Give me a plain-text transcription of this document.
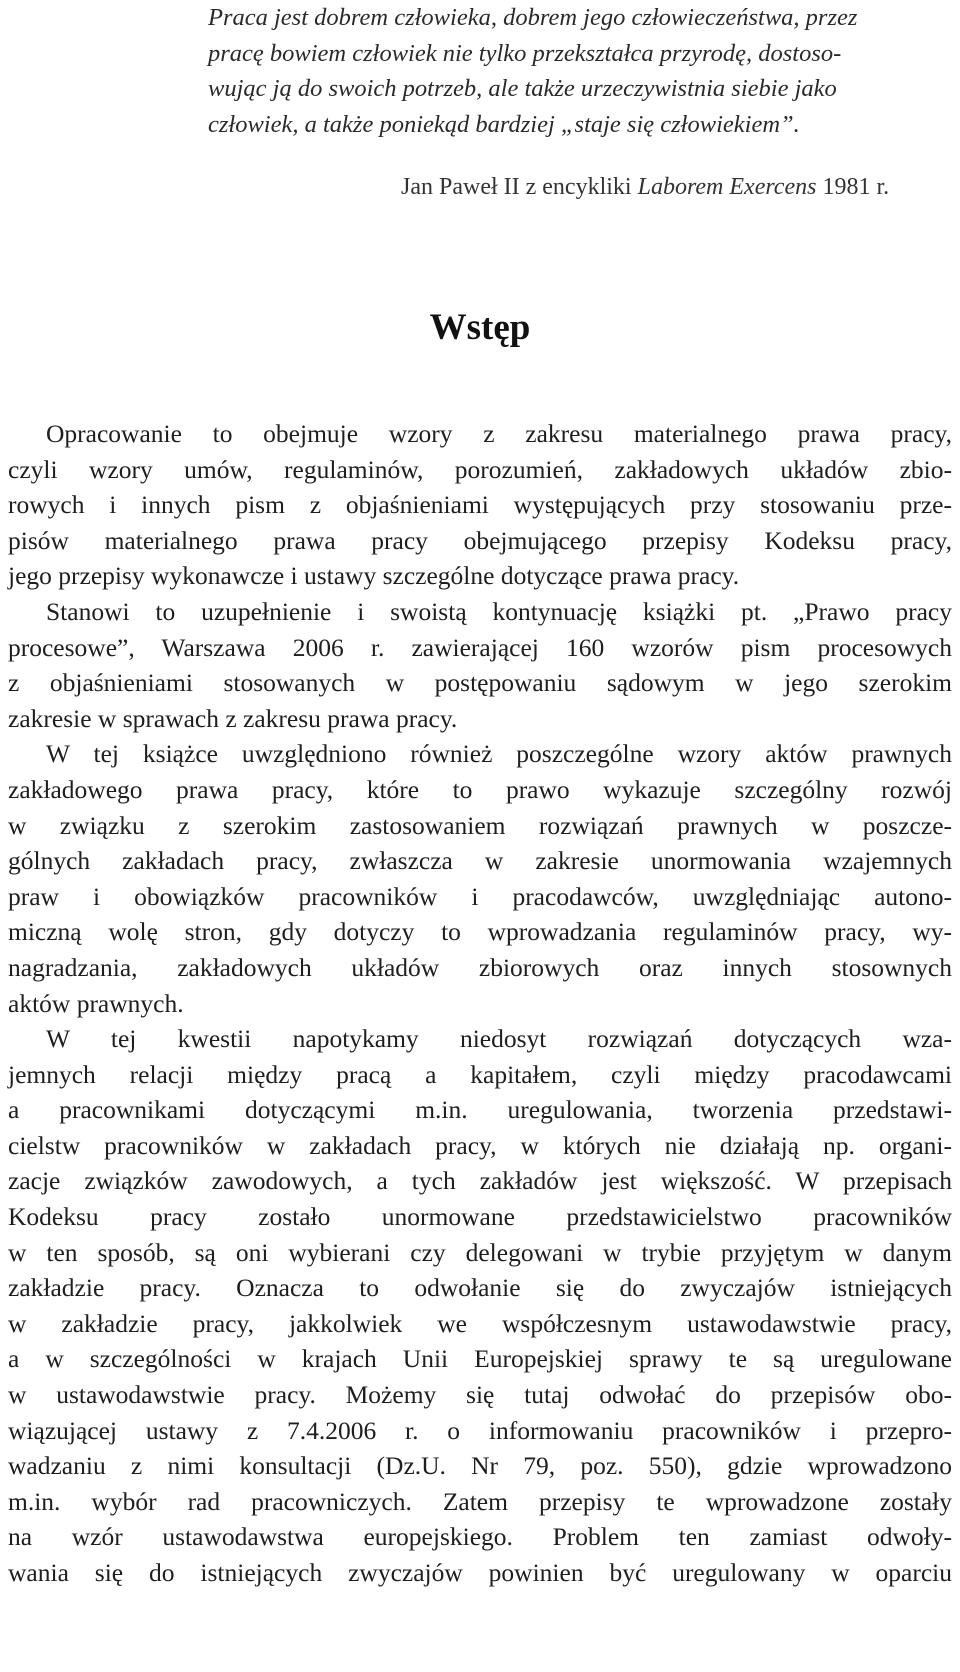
Praca jest dobrem człowieka, dobrem jego człowieczeństwa, przez
pracę bowiem człowiek nie tylko przekształca przyrodę, dostoso-
wując ją do swoich potrzeb, ale także urzeczywistnia siebie jako
człowiek, a także poniekąd bardziej „staje się człowiekiem”.
Jan Paweł II z encykliki Laborem Exercens 1981 r.
Wstęp
Opracowanie to obejmuje wzory z zakresu materialnego prawa pracy,
czyli wzory umów, regulaminów, porozumień, zakładowych układów zbio-
rowych i innych pism z objaśnieniami występujących przy stosowaniu prze-
pisów materialnego prawa pracy obejmującego przepisy Kodeksu pracy,
jego przepisy wykonawcze i ustawy szczególne dotyczące prawa pracy.
Stanowi to uzupełnienie i swoistą kontynuację książki pt. „Prawo pracy
procesowe”, Warszawa 2006 r. zawierającej 160 wzorów pism procesowych
z objaśnieniami stosowanych w postępowaniu sądowym w jego szerokim
zakresie w sprawach z zakresu prawa pracy.
W tej książce uwzględniono również poszczególne wzory aktów prawnych
zakładowego prawa pracy, które to prawo wykazuje szczególny rozwój
w związku z szerokim zastosowaniem rozwiązań prawnych w poszcze-
gólnych zakładach pracy, zwłaszcza w zakresie unormowania wzajemnych
praw i obowiązków pracowników i pracodawców, uwzględniając autono-
miczną wolę stron, gdy dotyczy to wprowadzania regulaminów pracy, wy-
nagradzania, zakładowych układów zbiorowych oraz innych stosownych
aktów prawnych.
W tej kwestii napotykamy niedosyt rozwiązań dotyczących wza-
jemnych relacji między pracą a kapitałem, czyli między pracodawcami
a pracownikami dotyczącymi m.in. uregulowania, tworzenia przedstawi-
cielstw pracowników w zakładach pracy, w których nie działają np. organi-
zacje związków zawodowych, a tych zakładów jest większość. W przepisach
Kodeksu pracy zostało unormowane przedstawicielstwo pracowników
w ten sposób, są oni wybierani czy delegowani w trybie przyjętym w danym
zakładzie pracy. Oznacza to odwołanie się do zwyczajów istniejących
w zakładzie pracy, jakkolwiek we współczesnym ustawodawstwie pracy,
a w szczególności w krajach Unii Europejskiej sprawy te są uregulowane
w ustawodawstwie pracy. Możemy się tutaj odwołać do przepisów obo-
wiązującej ustawy z 7.4.2006 r. o informowaniu pracowników i przepro-
wadzaniu z nimi konsultacji (Dz.U. Nr 79, poz. 550), gdzie wprowadzono
m.in. wybór rad pracowniczych. Zatem przepisy te wprowadzone zostały
na wzór ustawodawstwa europejskiego. Problem ten zamiast odwoły-
wania się do istniejących zwyczajów powinien być uregulowany w oparciu
